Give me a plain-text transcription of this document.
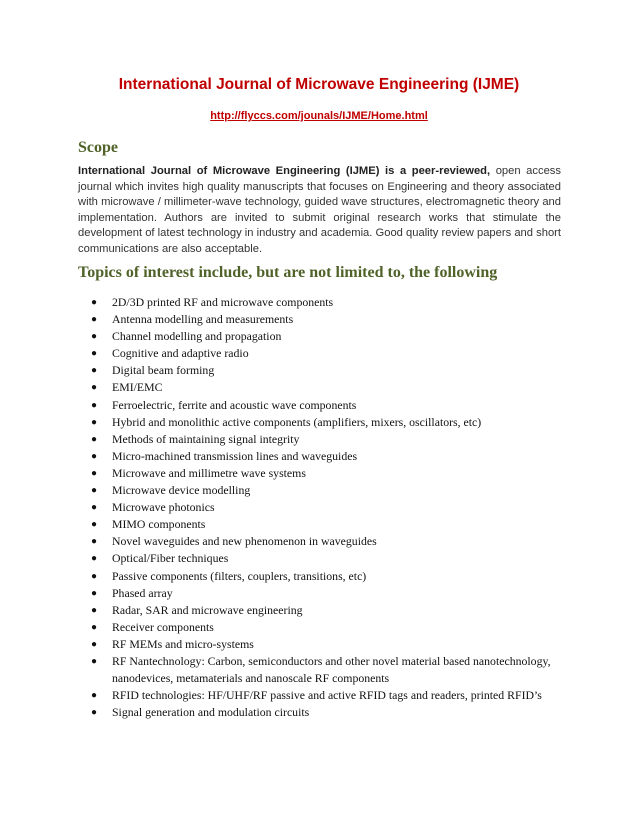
International Journal of Microwave Engineering (IJME)
http://flyccs.com/jounals/IJME/Home.html
Scope

International Journal of Microwave Engineering (IJME) is a peer-reviewed, open access journal which invites high quality manuscripts that focuses on Engineering and theory associated with microwave / millimeter-wave technology, guided wave structures, electromagnetic theory and implementation. Authors are invited to submit original research works that stimulate the development of latest technology in industry and academia. Good quality review papers and short communications are also acceptable.

Topics of interest include, but are not limited to, the following
● 2D/3D printed RF and microwave components
● Antenna modelling and measurements
● Channel modelling and propagation
● Cognitive and adaptive radio
● Digital beam forming
● EMI/EMC
● Ferroelectric, ferrite and acoustic wave components
● Hybrid and monolithic active components (amplifiers, mixers, oscillators, etc)
● Methods of maintaining signal integrity
● Micro-machined transmission lines and waveguides
● Microwave and millimetre wave systems
● Microwave device modelling
● Microwave photonics
● MIMO components
● Novel waveguides and new phenomenon in waveguides
● Optical/Fiber techniques
● Passive components (filters, couplers, transitions, etc)
● Phased array
● Radar, SAR and microwave engineering
● Receiver components
● RF MEMs and micro-systems
● RF Nantechnology: Carbon, semiconductors and other novel material based nanotechnology, nanodevices, metamaterials and nanoscale RF components
● RFID technologies: HF/UHF/RF passive and active RFID tags and readers, printed RFID’s
● Signal generation and modulation circuits
